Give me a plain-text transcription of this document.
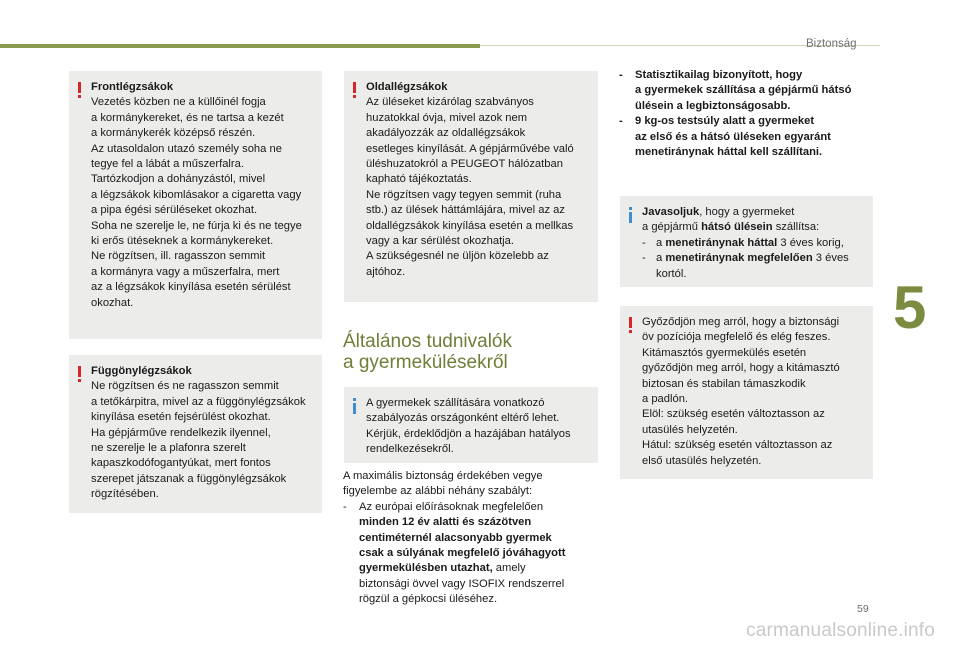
Biztonság
5

Frontlégzsákok

Vezetés közben ne a küllőinél fogja

a kormánykereket, és ne tartsa a kezét

a kormánykerék középső részén.

Az utasoldalon utazó személy soha ne

tegye fel a lábát a műszerfalra.

Tartózkodjon a dohányzástól, mivel

a légzsákok kibomlásakor a cigaretta vagy

a pipa égési sérüléseket okozhat.

Soha ne szerelje le, ne fúrja ki és ne tegye

ki erős ütéseknek a kormánykereket.

Ne rögzítsen, ill. ragasszon semmit

a kormányra vagy a műszerfalra, mert

az a légzsákok kinyílása esetén sérülést

okozhat.

Függönylégzsákok

Ne rögzítsen és ne ragasszon semmit

a tetőkárpitra, mivel az a függönylégzsákok

kinyílása esetén fejsérülést okozhat.

Ha gépjárműve rendelkezik ilyennel,

ne szerelje le a plafonra szerelt

kapaszkodófogantyúkat, mert fontos

szerepet játszanak a függönylégzsákok

rögzítésében.

Oldallégzsákok

Az üléseket kizárólag szabványos

huzatokkal óvja, mivel azok nem

akadályozzák az oldallégzsákok

esetleges kinyílását. A gépjárművébe való

üléshuzatokról a PEUGEOT hálózatban

kapható tájékoztatás.

Ne rögzítsen vagy tegyen semmit (ruha

stb.) az ülések háttámlájára, mivel az az

oldallégzsákok kinyílása esetén a mellkas

vagy a kar sérülést okozhatja.

A szükségesnél ne üljön közelebb az

ajtóhoz.

Általános tudnivalók
a gyermekülésekről

A gyermekek szállítására vonatkozó

szabályozás országonként eltérő lehet.

Kérjük, érdeklődjön a hazájában hatályos

rendelkezésekről.

A maximális biztonság érdekében vegye

figyelembe az alábbi néhány szabályt:

- Az európai előírásoknak megfelelően

minden 12 év alatti és százötven

centiméternél alacsonyabb gyermek

csak a súlyának megfelelő jóváhagyott

gyermekülésben utazhat, amely

biztonsági övvel vagy ISOFIX rendszerrel

rögzül a gépkocsi üléséhez.

- Statisztikailag bizonyított, hogy

a gyermekek szállítása a gépjármű hátsó

ülésein a legbiztonságosabb.

- 9 kg-os testsúly alatt a gyermeket

az első és a hátsó üléseken egyaránt

menetiránynak háttal kell szállítani.

Javasoljuk, hogy a gyermeket

a gépjármű hátsó ülésein szállítsa:

- a menetiránynak háttal 3 éves korig,

- a menetiránynak megfelelően 3 éves

kortól.

Győződjön meg arról, hogy a biztonsági

öv pozíciója megfelelő és elég feszes.

Kitámasztós gyermekülés esetén

győződjön meg arról, hogy a kitámasztó

biztosan és stabilan támaszkodik

a padlón.

Elöl: szükség esetén változtasson az

utasülés helyzetén.

Hátul: szükség esetén változtasson az

első utasülés helyzetén.

59
carmanualsonline.info
